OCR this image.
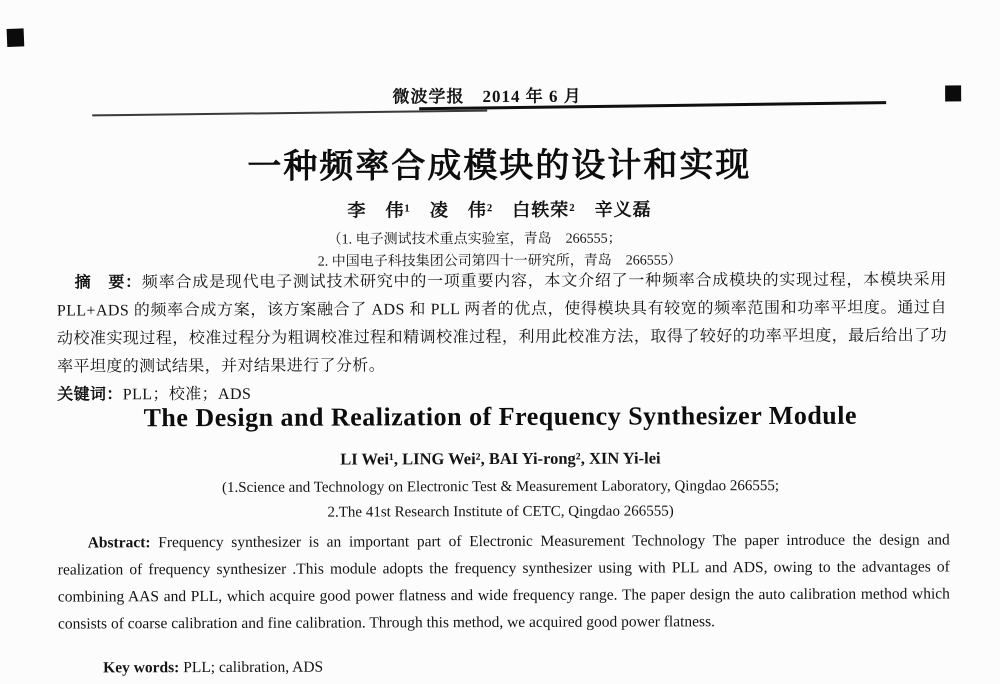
微波学报　2014 年 6 月
一种频率合成模块的设计和实现
李　伟¹　凌　伟²　白轶荣²　辛义磊
（1. 电子测试技术重点实验室，青岛　266555；
2. 中国电子科技集团公司第四十一研究所，青岛　266555）

摘　要：频率合成是现代电子测试技术研究中的一项重要内容，本文介绍了一种频率合成模块的实现过程，本模块采用 PLL+ADS 的频率合成方案，该方案融合了 ADS 和 PLL 两者的优点，使得模块具有较宽的频率范围和功率平坦度。通过自动校准实现过程，校准过程分为粗调校准过程和精调校准过程，利用此校准方法，取得了较好的功率平坦度，最后给出了功率平坦度的测试结果，并对结果进行了分析。

关键词：PLL；校准；ADS

The Design and Realization of Frequency Synthesizer Module
LI Wei¹, LING Wei², BAI Yi-rong², XIN Yi-lei
(1.Science and Technology on Electronic Test & Measurement Laboratory, Qingdao 266555;
2.The 41st Research Institute of CETC, Qingdao 266555)

Abstract: Frequency synthesizer is an important part of Electronic Measurement Technology The paper introduce the design and realization of frequency synthesizer .This module adopts the frequency synthesizer using with PLL and ADS, owing to the advantages of combining AAS and PLL, which acquire good power flatness and wide frequency range. The paper design the auto calibration method which consists of coarse calibration and fine calibration. Through this method, we acquired good power flatness.

Key words: PLL; calibration, ADS
